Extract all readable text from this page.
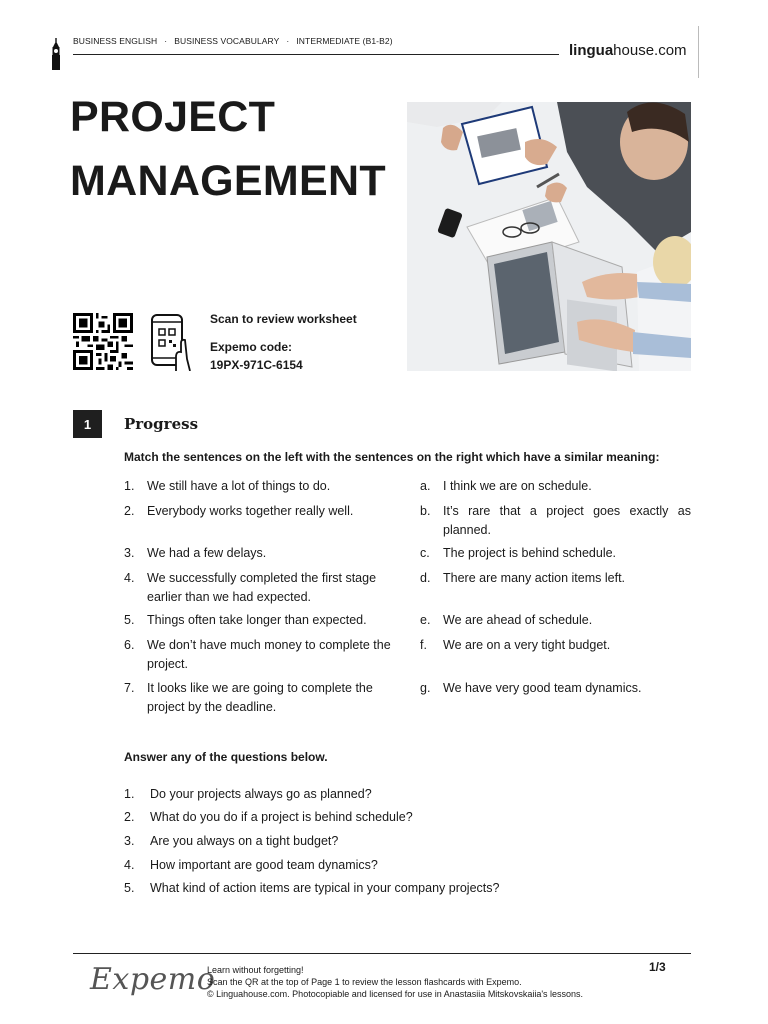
BUSINESS ENGLISH · BUSINESS VOCABULARY · INTERMEDIATE (B1-B2)
linguahouse.com
PROJECT
MANAGEMENT
Scan to review worksheet
Expemo code:
19PX-971C-6154
1	Progress
Match the sentences on the left with the sentences on the right which have a similar meaning:
1. We still have a lot of things to do.
2. Everybody works together really well.
3. We had a few delays.
4. We successfully completed the first stage earlier than we had expected.
5. Things often take longer than expected.
6. We don’t have much money to complete the project.
7. It looks like we are going to complete the project by the deadline.
a. I think we are on schedule.
b. It’s rare that a project goes exactly as planned.
c. The project is behind schedule.
d. There are many action items left.
e. We are ahead of schedule.
f. We are on a very tight budget.
g. We have very good team dynamics.
Answer any of the questions below.
1. Do your projects always go as planned?
2. What do you do if a project is behind schedule?
3. Are you always on a tight budget?
4. How important are good team dynamics?
5. What kind of action items are typical in your company projects?
Expemo
Learn without forgetting!
Scan the QR at the top of Page 1 to review the lesson flashcards with Expemo.
© Linguahouse.com. Photocopiable and licensed for use in Anastasiia Mitskovskaiia's lessons.
1/3
